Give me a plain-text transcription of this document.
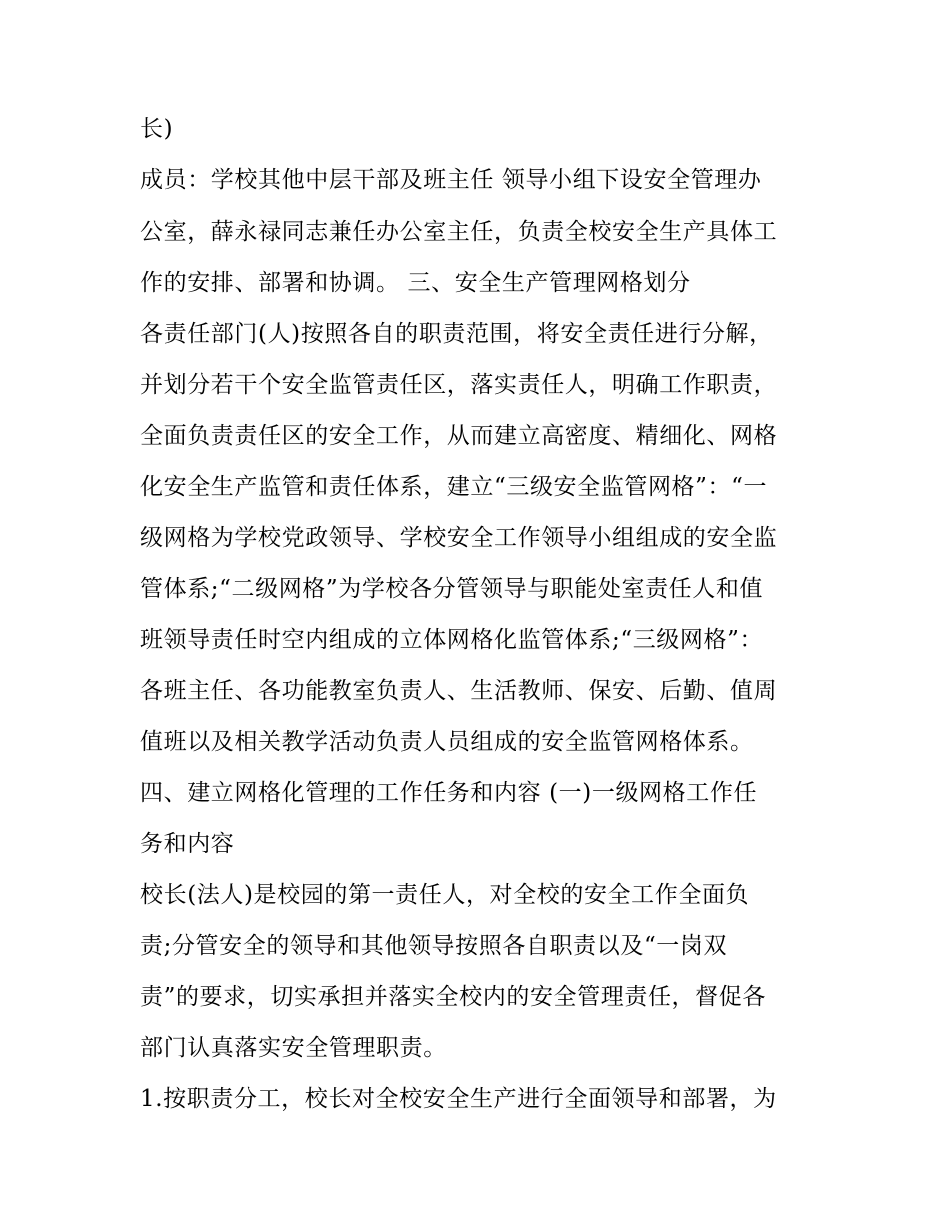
长)

成员：学校其他中层干部及班主任 领导小组下设安全管理办

公室，薛永禄同志兼任办公室主任，负责全校安全生产具体工

作的安排、部署和协调。 三、安全生产管理网格划分

各责任部门(人)按照各自的职责范围，将安全责任进行分解，

并划分若干个安全监管责任区，落实责任人，明确工作职责，

全面负责责任区的安全工作，从而建立高密度、精细化、网格

化安全生产监管和责任体系，建立“三级安全监管网格”：“一

级网格为学校党政领导、学校安全工作领导小组组成的安全监

管体系;“二级网格”为学校各分管领导与职能处室责任人和值

班领导责任时空内组成的立体网格化监管体系;“三级网格”：

各班主任、各功能教室负责人、生活教师、保安、后勤、值周

值班以及相关教学活动负责人员组成的安全监管网格体系。

四、建立网格化管理的工作任务和内容 (一)一级网格工作任

务和内容

校长(法人)是校园的第一责任人，对全校的安全工作全面负

责;分管安全的领导和其他领导按照各自职责以及“一岗双

责”的要求，切实承担并落实全校内的安全管理责任，督促各

部门认真落实安全管理职责。

1.按职责分工，校长对全校安全生产进行全面领导和部署，为
